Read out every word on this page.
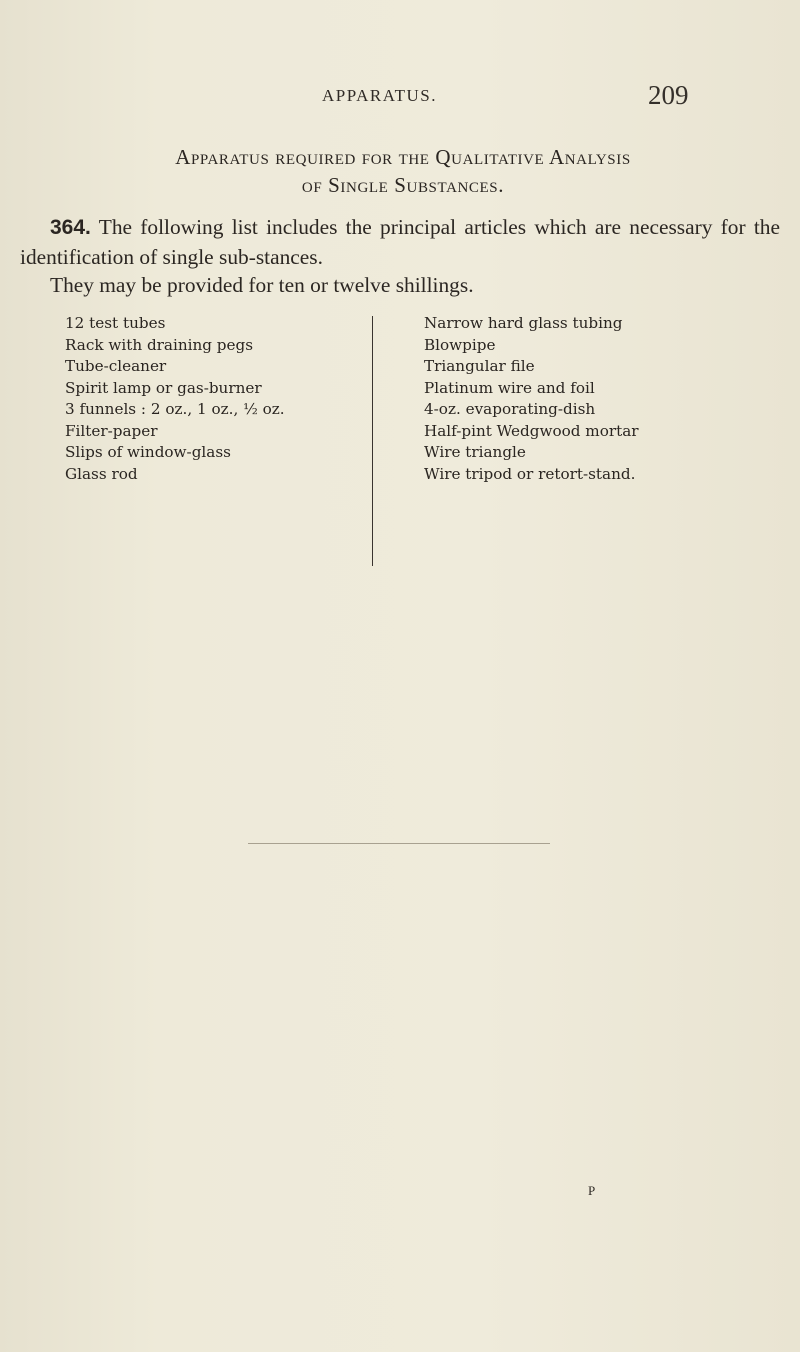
APPARATUS.	209
Apparatus required for the Qualitative Analysis
of Single Substances.
364. The following list includes the principal articles which are necessary for the identification of single sub-stances.
They may be provided for ten or twelve shillings.
12 test tubes
Rack with draining pegs
Tube-cleaner
Spirit lamp or gas-burner
3 funnels : 2 oz., 1 oz., ½ oz.
Filter-paper
Slips of window-glass
Glass rod
Narrow hard glass tubing
Blowpipe
Triangular file
Platinum wire and foil
4-oz. evaporating-dish
Half-pint Wedgwood mortar
Wire triangle
Wire tripod or retort-stand.
P
